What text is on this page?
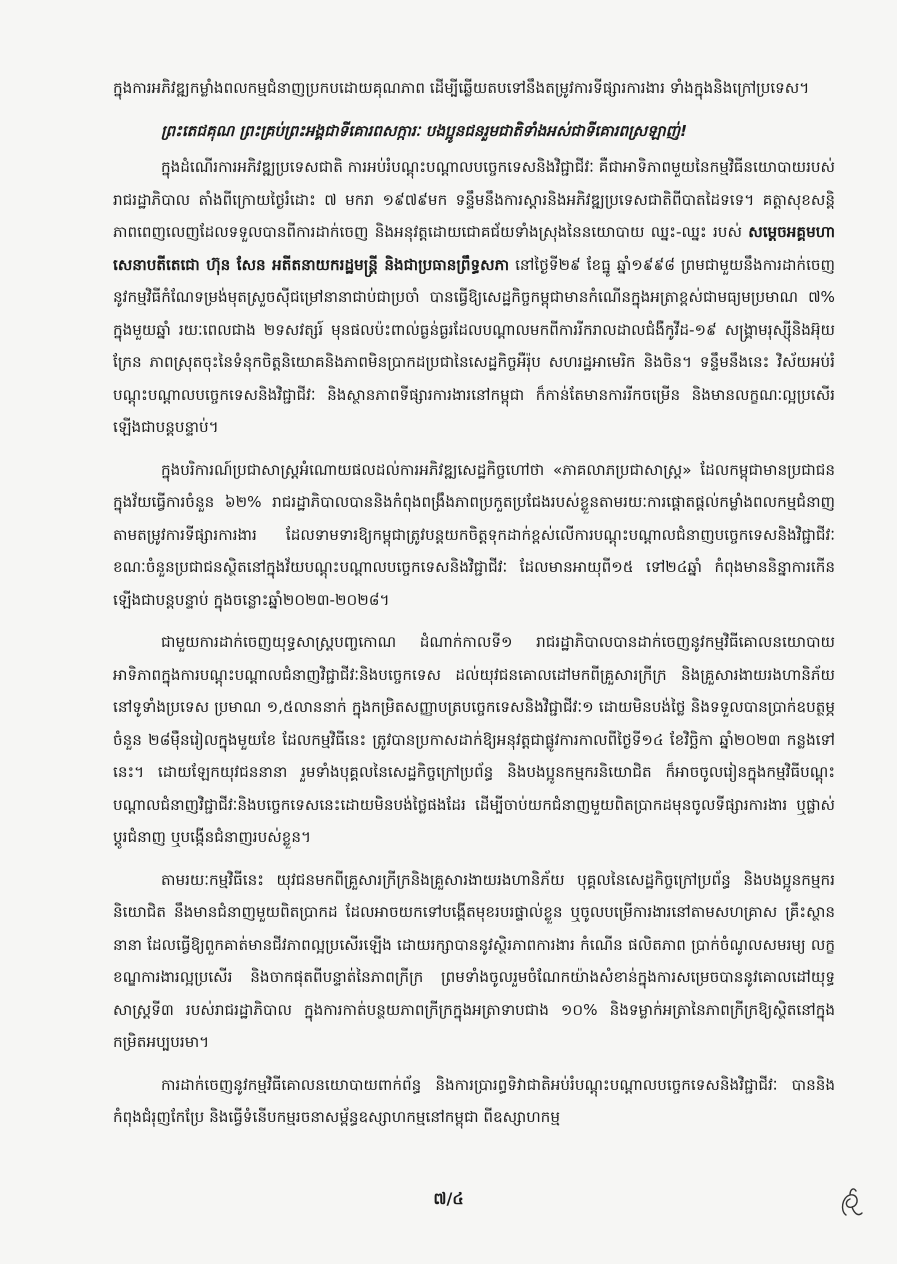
ក្នុងការអភិវឌ្ឍកម្លាំងពលកម្មជំនាញប្រកបដោយគុណភាព ដើម្បីឆ្លើយតបទៅនឹងតម្រូវការទីផ្សារការងារ ទាំងក្នុងនិងក្រៅប្រទេស។

ព្រះតេជគុណ ព្រះគ្រប់ព្រះអង្គជាទីគោរពសក្ការៈ បងប្អូនជនរួមជាតិទាំងអស់ជាទីគោរពស្រឡាញ់!

ក្នុងដំណើរការអភិវឌ្ឍប្រទេសជាតិ ការអប់រំបណ្តុះបណ្តាលបច្ចេកទេសនិងវិជ្ជាជីវៈ គឺជាអាទិភាពមួយនៃកម្មវិធីនយោបាយរបស់រាជរដ្ឋាភិបាល តាំងពីក្រោយថ្ងៃរំដោះ ៧ មករា ១៩៧៩មក ទន្ទឹមនឹងការស្តារនិងអភិវឌ្ឍប្រទេសជាតិពីបាតដៃទទេ។ គត្តាសុខសន្តិភាពពេញលេញដែលទទួលបានពីការដាក់ចេញ និងអនុវត្តដោយជោគជ័យទាំងស្រុងនៃនយោបាយ ឈ្នះ-ឈ្នះ របស់ សម្តេចអគ្គមហាសេនាបតីតេជោ ហ៊ុន សែន អតីតនាយករដ្ឋមន្ត្រី និងជាប្រធានព្រឹទ្ធសភា នៅថ្ងៃទី២៩ ខែធ្នូ ឆ្នាំ១៩៩៨ ព្រមជាមួយនឹងការដាក់ចេញនូវកម្មវិធីកំណែទម្រង់មុតស្រួចស៊ីជម្រៅនានាជាប់ជាប្រចាំ បានធ្វើឱ្យសេដ្ឋកិច្ចកម្ពុជាមានកំណើនក្នុងអត្រាខ្ពស់ជាមធ្យមប្រមាណ ៧% ក្នុងមួយឆ្នាំ រយៈពេលជាង ២ទសវត្សរ៍ មុនផលប៉ះពាល់ធ្ងន់ធ្ងរដែលបណ្តាលមកពីការរីករាលដាលជំងឺកូវីដ-១៩ សង្គ្រាមរុស្ស៊ីនិងអ៊ុយក្រែន ភាពស្រុតចុះនៃទំនុកចិត្តនិយោគនិងភាពមិនប្រាកដប្រជានៃសេដ្ឋកិច្ចអឺរ៉ុប សហរដ្ឋអាមេរិក និងចិន។ ទន្ទឹមនឹងនេះ វិស័យអប់រំបណ្តុះបណ្តាលបច្ចេកទេសនិងវិជ្ជាជីវៈ និងស្ថានភាពទីផ្សារការងារនៅកម្ពុជា ក៏កាន់តែមានការរីកចម្រើន និងមានលក្ខណៈល្អប្រសើរឡើងជាបន្តបន្ទាប់។

ក្នុងបរិការណ៍ប្រជាសាស្ត្រអំណោយផលដល់ការអភិវឌ្ឍសេដ្ឋកិច្ចហៅថា «ភាគលាភប្រជាសាស្ត្រ» ដែលកម្ពុជាមានប្រជាជនក្នុងវ័យធ្វើការចំនួន ៦២% រាជរដ្ឋាភិបាលបាននិងកំពុងពង្រឹងភាពប្រកួតប្រជែងរបស់ខ្លួនតាមរយៈការផ្តោតផ្តល់កម្លាំងពលកម្មជំនាញតាមតម្រូវការទីផ្សារការងារ ដែលទាមទារឱ្យកម្ពុជាត្រូវបន្តយកចិត្តទុកដាក់ខ្ពស់លើការបណ្តុះបណ្តាលជំនាញបច្ចេកទេសនិងវិជ្ជាជីវៈ ខណៈចំនួនប្រជាជនស្ថិតនៅក្នុងវ័យបណ្តុះបណ្តាលបច្ចេកទេសនិងវិជ្ជាជីវៈ ដែលមានអាយុពី១៥ ទៅ២៤ឆ្នាំ កំពុងមាននិន្នាការកើនឡើងជាបន្តបន្ទាប់ ក្នុងចន្លោះឆ្នាំ២០២៣-២០២៨។

ជាមួយការដាក់ចេញយុទ្ធសាស្ត្របញ្ចកោណ ដំណាក់កាលទី១ រាជរដ្ឋាភិបាលបានដាក់ចេញនូវកម្មវិធីគោលនយោបាយអាទិភាពក្នុងការបណ្តុះបណ្តាលជំនាញវិជ្ជាជីវៈនិងបច្ចេកទេស ដល់យុវជនគោលដៅមកពីគ្រួសារក្រីក្រ និងគ្រួសារងាយរងហានិភ័យនៅទូទាំងប្រទេស ប្រមាណ ១,៥លាននាក់ ក្នុងកម្រិតសញ្ញាបត្របច្ចេកទេសនិងវិជ្ជាជីវៈ១ ដោយមិនបង់ថ្លៃ និងទទួលបានប្រាក់ឧបត្ថម្ភចំនួន ២៨ម៉ឺនរៀលក្នុងមួយខែ ដែលកម្មវិធីនេះ ត្រូវបានប្រកាសដាក់ឱ្យអនុវត្តជាផ្លូវការកាលពីថ្ងៃទី១៤ ខែវិច្ឆិកា ឆ្នាំ២០២៣ កន្លងទៅនេះ។ ដោយឡែកយុវជននានា រួមទាំងបុគ្គលនៃសេដ្ឋកិច្ចក្រៅប្រព័ន្ធ និងបងប្អូនកម្មករនិយោជិត ក៏អាចចូលរៀនក្នុងកម្មវិធីបណ្តុះបណ្តាលជំនាញវិជ្ជាជីវៈនិងបច្ចេកទេសនេះដោយមិនបង់ថ្លៃផងដែរ ដើម្បីចាប់យកជំនាញមួយពិតប្រាកដមុនចូលទីផ្សារការងារ ឬផ្លាស់ប្តូរជំនាញ ឬបង្កើនជំនាញរបស់ខ្លួន។

តាមរយៈកម្មវិធីនេះ យុវជនមកពីគ្រួសារក្រីក្រនិងគ្រួសារងាយរងហានិភ័យ បុគ្គលនៃសេដ្ឋកិច្ចក្រៅប្រព័ន្ធ និងបងប្អូនកម្មករនិយោជិត នឹងមានជំនាញមួយពិតប្រាកដ ដែលអាចយកទៅបង្កើតមុខរបរផ្ទាល់ខ្លួន ឬចូលបម្រើការងារនៅតាមសហគ្រាស គ្រឹះស្ថាននានា ដែលធ្វើឱ្យពួកគាត់មានជីវភាពល្អប្រសើរឡើង ដោយរក្សាបាននូវស្ថិរភាពការងារ កំណើន ផលិតភាព ប្រាក់ចំណូលសមរម្យ លក្ខខណ្ឌការងារល្អប្រសើរ និងចាកផុតពីបន្ទាត់នៃភាពក្រីក្រ ព្រមទាំងចូលរួមចំណែកយ៉ាងសំខាន់ក្នុងការសម្រេចបាននូវគោលដៅយុទ្ធសាស្ត្រទី៣ របស់រាជរដ្ឋាភិបាល ក្នុងការកាត់បន្ថយភាពក្រីក្រក្នុងអត្រាទាបជាង ១០% និងទម្លាក់អត្រានៃភាពក្រីក្រឱ្យស្ថិតនៅក្នុងកម្រិតអប្បបរមា។

ការដាក់ចេញនូវកម្មវិធីគោលនយោបាយពាក់ព័ន្ធ និងការប្រារព្ធទិវាជាតិអប់រំបណ្តុះបណ្តាលបច្ចេកទេសនិងវិជ្ជាជីវៈ បាននិងកំពុងជំរុញកែប្រែ និងធ្វើទំនើបកម្មរចនាសម្ព័ន្ធឧស្សាហកម្មនៅកម្ពុជា ពីឧស្សាហកម្ម

៧/៤
